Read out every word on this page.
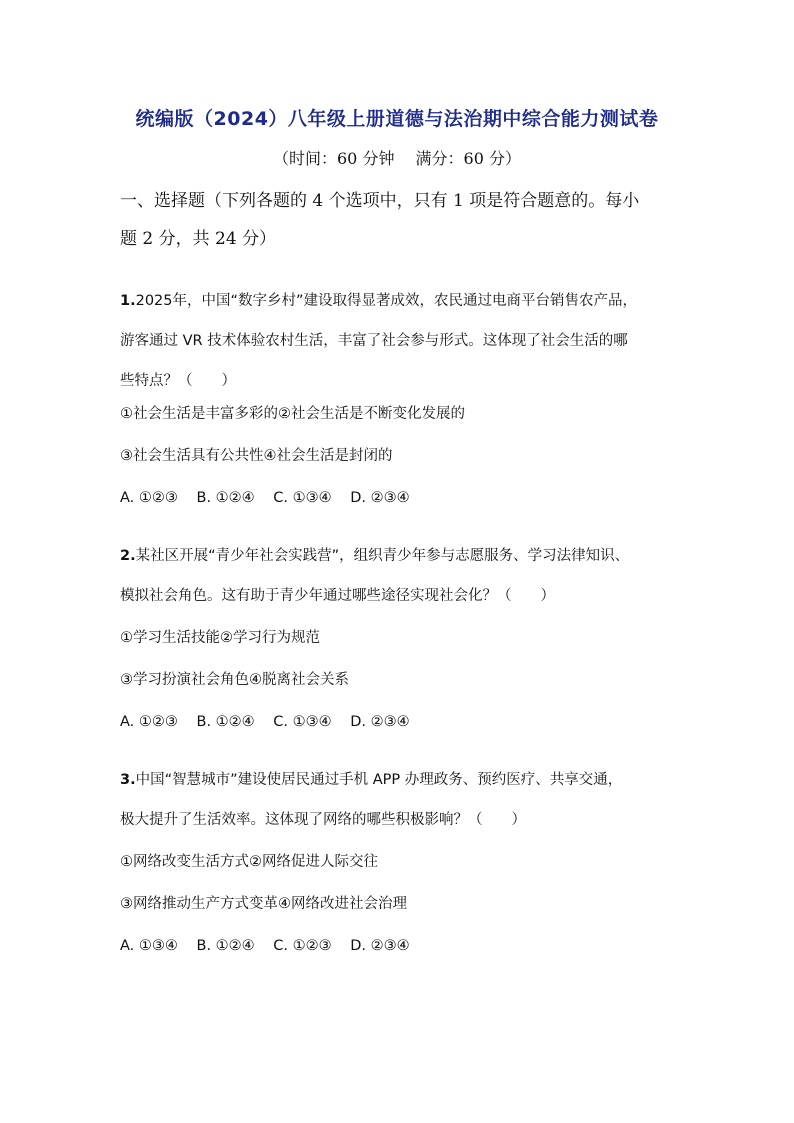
统编版（2024）八年级上册道德与法治期中综合能力测试卷
（时间：60 分钟　 满分：60 分）
一、选择题（下列各题的 4 个选项中，只有 1 项是符合题意的。每小
题 2 分，共 24 分）
1.2025年，中国“数字乡村”建设取得显著成效，农民通过电商平台销售农产品，
游客通过 VR 技术体验农村生活，丰富了社会参与形式。这体现了社会生活的哪
些特点？（　　）
①社会生活是丰富多彩的②社会生活是不断变化发展的
③社会生活具有公共性④社会生活是封闭的
A. ①②③ B. ①②④ C. ①③④ D. ②③④
2.某社区开展“青少年社会实践营”，组织青少年参与志愿服务、学习法律知识、
模拟社会角色。这有助于青少年通过哪些途径实现社会化？（　　）
①学习生活技能②学习行为规范
③学习扮演社会角色④脱离社会关系
A. ①②③ B. ①②④ C. ①③④ D. ②③④
3.中国“智慧城市”建设使居民通过手机 APP 办理政务、预约医疗、共享交通，
极大提升了生活效率。这体现了网络的哪些积极影响？（　　）
①网络改变生活方式②网络促进人际交往
③网络推动生产方式变革④网络改进社会治理
A. ①③④ B. ①②④ C. ①②③ D. ②③④
